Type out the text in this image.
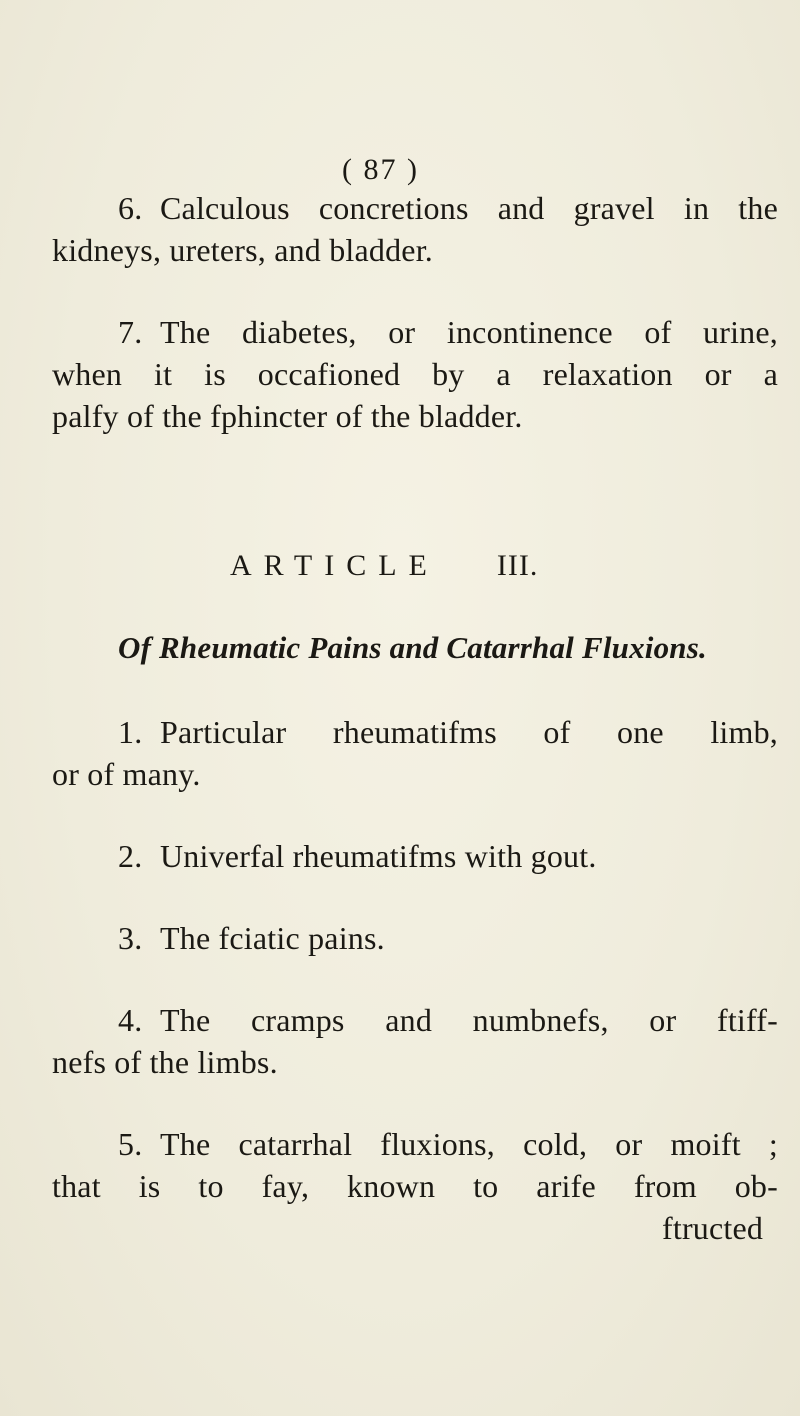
( 87 )
6. Calculous concretions and gravel in the
kidneys, ureters, and bladder.
7. The diabetes, or incontinence of urine,
when it is occafioned by a relaxation or a
palfy of the fphincter of the bladder.
ARTICLE III.
Of Rheumatic Pains and Catarrhal Fluxions.
1. Particular rheumatifms of one limb,
or of many.
2. Univerfal rheumatifms with gout.
3. The fciatic pains.
4. The cramps and numbnefs, or ftiff-
nefs of the limbs.
5. The catarrhal fluxions, cold, or moift ;
that is to fay, known to arife from ob-
ftructed
